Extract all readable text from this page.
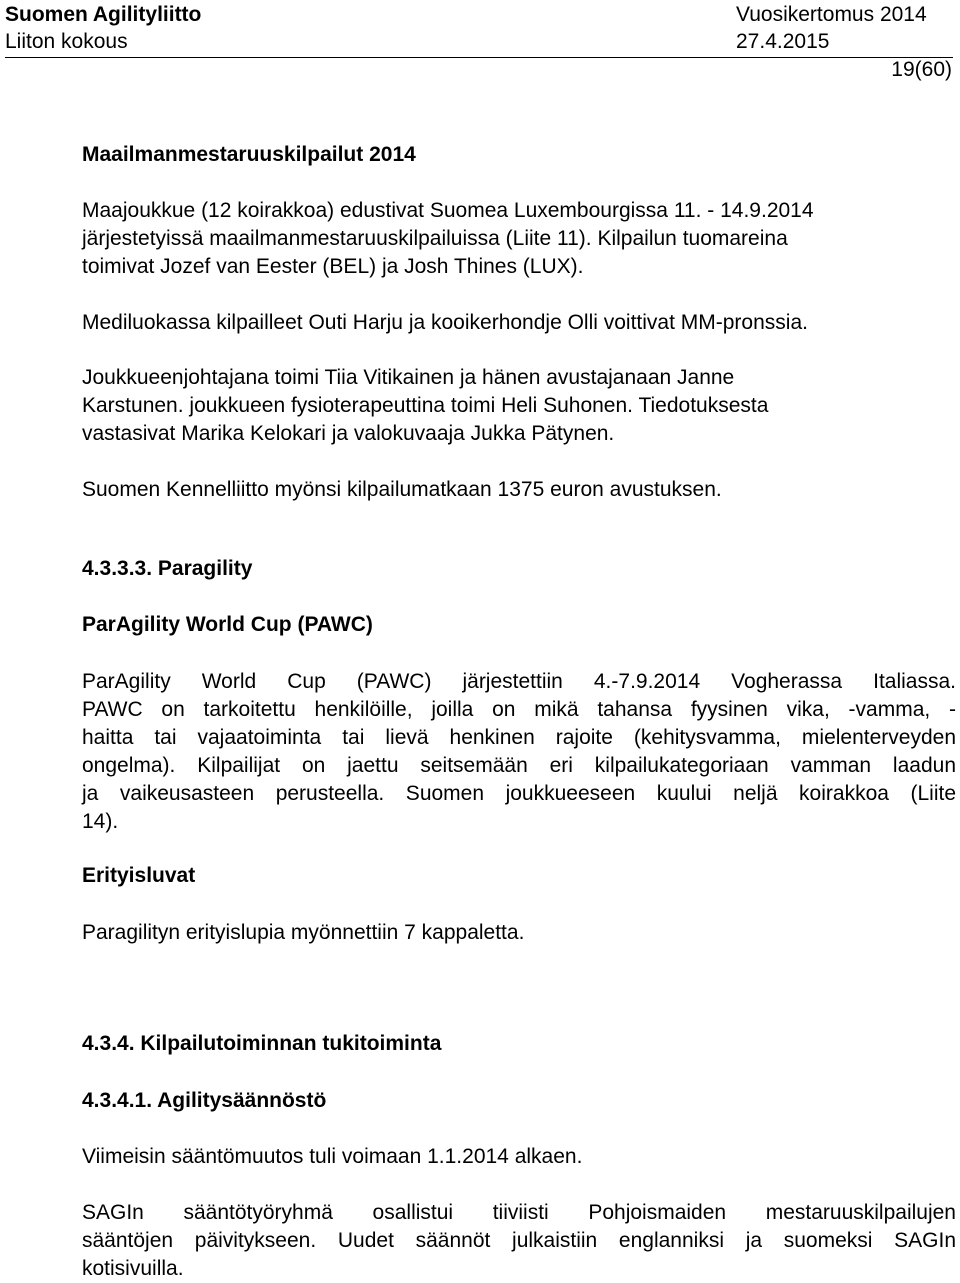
Suomen Agilityliitto	Vuosikertomus 2014
Liiton kokous	27.4.2015
19(60)
Maailmanmestaruuskilpailut 2014
Maajoukkue (12 koirakkoa) edustivat Suomea Luxembourgissa 11. - 14.9.2014
järjestetyissä maailmanmestaruuskilpailuissa (Liite 11). Kilpailun tuomareina
toimivat Jozef van Eester (BEL) ja Josh Thines (LUX).
Mediluokassa kilpailleet Outi Harju ja kooikerhondje Olli voittivat MM-pronssia.
Joukkueenjohtajana toimi Tiia Vitikainen ja hänen avustajanaan Janne
Karstunen. joukkueen fysioterapeuttina toimi Heli Suhonen. Tiedotuksesta
vastasivat Marika Kelokari ja valokuvaaja Jukka Pätynen.
Suomen Kennelliitto myönsi kilpailumatkaan 1375 euron avustuksen.
4.3.3.3. Paragility
ParAgility World Cup (PAWC)
ParAgility World Cup (PAWC) järjestettiin 4.-7.9.2014 Vogherassa Italiassa.
PAWC on tarkoitettu henkilöille, joilla on mikä tahansa fyysinen vika, -vamma, -
haitta tai vajaatoiminta tai lievä henkinen rajoite (kehitysvamma, mielenterveyden
ongelma). Kilpailijat on jaettu seitsemään eri kilpailukategoriaan vamman laadun
ja vaikeusasteen perusteella. Suomen joukkueeseen kuului neljä koirakkoa (Liite
14).
Erityisluvat
Paragilityn erityislupia myönnettiin 7 kappaletta.
4.3.4. Kilpailutoiminnan tukitoiminta
4.3.4.1. Agilitysäännöstö
Viimeisin sääntömuutos tuli voimaan 1.1.2014 alkaen.
SAGIn sääntötyöryhmä osallistui tiiviisti Pohjoismaiden mestaruuskilpailujen
sääntöjen päivitykseen. Uudet säännöt julkaistiin englanniksi ja suomeksi SAGIn
kotisivuilla.
